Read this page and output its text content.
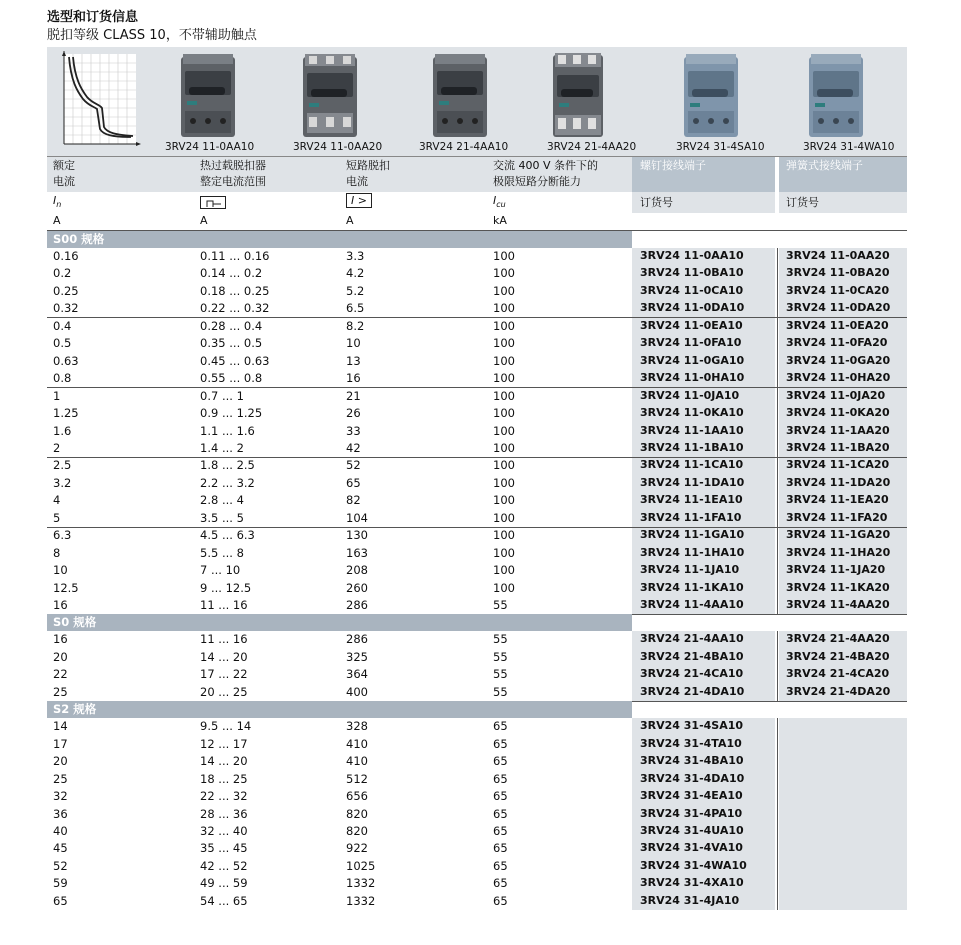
选型和订货信息
脱扣等级 CLASS 10，不带辅助触点
3RV24 11-0AA10	3RV24 11-0AA20	3RV24 21-4AA10	3RV24 21-4AA20	3RV24 31-4SA10	3RV24 31-4WA10
额定
电流
热过载脱扣器
整定电流范围
短路脱扣
电流
交流 400 V 条件下的
极限短路分断能力
螺钉接线端子	弹簧式接线端子
$I_n$	I >	$I_{cu}$	订货号	订货号
A	A	A	kA
S00 规格
0.16	0.11 ... 0.16	3.3	100	3RV24 11-0AA10	3RV24 11-0AA20
0.2	0.14 ... 0.2	4.2	100	3RV24 11-0BA10	3RV24 11-0BA20
0.25	0.18 ... 0.25	5.2	100	3RV24 11-0CA10	3RV24 11-0CA20
0.32	0.22 ... 0.32	6.5	100	3RV24 11-0DA10	3RV24 11-0DA20
0.4	0.28 ... 0.4	8.2	100	3RV24 11-0EA10	3RV24 11-0EA20
0.5	0.35 ... 0.5	10	100	3RV24 11-0FA10	3RV24 11-0FA20
0.63	0.45 ... 0.63	13	100	3RV24 11-0GA10	3RV24 11-0GA20
0.8	0.55 ... 0.8	16	100	3RV24 11-0HA10	3RV24 11-0HA20
1	0.7 ... 1	21	100	3RV24 11-0JA10	3RV24 11-0JA20
1.25	0.9 ... 1.25	26	100	3RV24 11-0KA10	3RV24 11-0KA20
1.6	1.1 ... 1.6	33	100	3RV24 11-1AA10	3RV24 11-1AA20
2	1.4 ... 2	42	100	3RV24 11-1BA10	3RV24 11-1BA20
2.5	1.8 ... 2.5	52	100	3RV24 11-1CA10	3RV24 11-1CA20
3.2	2.2 ... 3.2	65	100	3RV24 11-1DA10	3RV24 11-1DA20
4	2.8 ... 4	82	100	3RV24 11-1EA10	3RV24 11-1EA20
5	3.5 ... 5	104	100	3RV24 11-1FA10	3RV24 11-1FA20
6.3	4.5 ... 6.3	130	100	3RV24 11-1GA10	3RV24 11-1GA20
8	5.5 ... 8	163	100	3RV24 11-1HA10	3RV24 11-1HA20
10	7 ... 10	208	100	3RV24 11-1JA10	3RV24 11-1JA20
12.5	9 ... 12.5	260	100	3RV24 11-1KA10	3RV24 11-1KA20
16	11 ... 16	286	55	3RV24 11-4AA10	3RV24 11-4AA20
S0 规格
16	11 ... 16	286	55	3RV24 21-4AA10	3RV24 21-4AA20
20	14 ... 20	325	55	3RV24 21-4BA10	3RV24 21-4BA20
22	17 ... 22	364	55	3RV24 21-4CA10	3RV24 21-4CA20
25	20 ... 25	400	55	3RV24 21-4DA10	3RV24 21-4DA20
S2 规格
14	9.5 ... 14	328	65	3RV24 31-4SA10
17	12 ... 17	410	65	3RV24 31-4TA10
20	14 ... 20	410	65	3RV24 31-4BA10
25	18 ... 25	512	65	3RV24 31-4DA10
32	22 ... 32	656	65	3RV24 31-4EA10
36	28 ... 36	820	65	3RV24 31-4PA10
40	32 ... 40	820	65	3RV24 31-4UA10
45	35 ... 45	922	65	3RV24 31-4VA10
52	42 ... 52	1025	65	3RV24 31-4WA10
59	49 ... 59	1332	65	3RV24 31-4XA10
65	54 ... 65	1332	65	3RV24 31-4JA10
